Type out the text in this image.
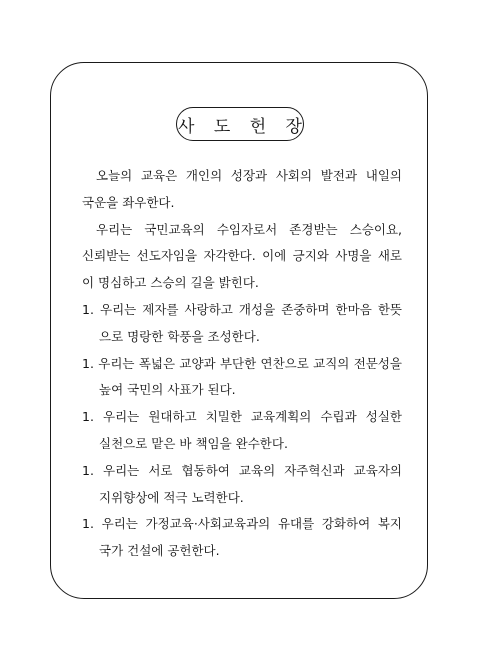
사 도 헌 장
오늘의 교육은 개인의 성장과 사회의 발전과 내일의
국운을 좌우한다.
우리는 국민교육의 수임자로서 존경받는 스승이요,
신뢰받는 선도자임을 자각한다. 이에 긍지와 사명을 새로
이 명심하고 스승의 길을 밝힌다.
1. 우리는 제자를 사랑하고 개성을 존중하며 한마음 한뜻
으로 명랑한 학풍을 조성한다.
1. 우리는 폭넓은 교양과 부단한 연찬으로 교직의 전문성을
높여 국민의 사표가 된다.
1. 우리는 원대하고 치밀한 교육계획의 수립과 성실한
실천으로 맡은 바 책임을 완수한다.
1. 우리는 서로 협동하여 교육의 자주혁신과 교육자의
지위향상에 적극 노력한다.
1. 우리는 가정교육·사회교육과의 유대를 강화하여 복지
국가 건설에 공헌한다.
